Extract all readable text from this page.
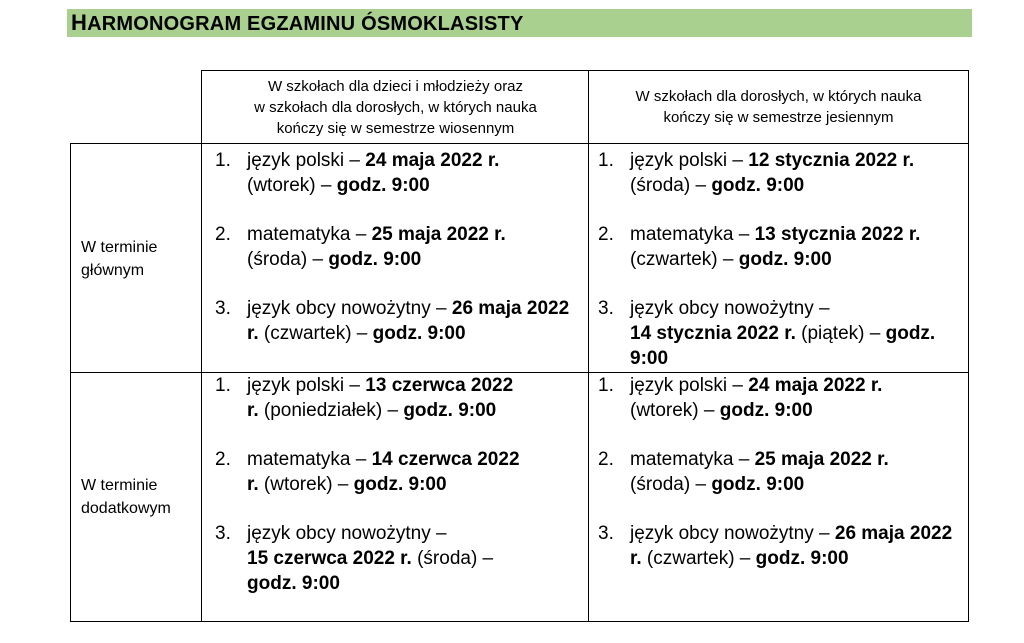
HARMONOGRAM EGZAMINU ÓSMOKLASISTY
W szkołach dla dzieci i młodzieży oraz
w szkołach dla dorosłych, w których nauka
kończy się w semestrze wiosennym
W szkołach dla dorosłych, w których nauka
kończy się w semestrze jesiennym
W terminie
głównym
1. język polski – 24 maja 2022 r.
(wtorek) – godz. 9:00
2. matematyka – 25 maja 2022 r.
(środa) – godz. 9:00
3. język obcy nowożytny – 26 maja 2022 r. (czwartek) – godz. 9:00
1. język polski – 12 stycznia 2022 r. (środa) – godz. 9:00
2. matematyka – 13 stycznia 2022 r. (czwartek) – godz. 9:00
3. język obcy nowożytny –
14 stycznia 2022 r. (piątek) – godz. 9:00
W terminie
dodatkowym
1. język polski – 13 czerwca 2022 r. (poniedziałek) – godz. 9:00
2. matematyka – 14 czerwca 2022 r. (wtorek) – godz. 9:00
3. język obcy nowożytny –
15 czerwca 2022 r. (środa) – godz. 9:00
1. język polski – 24 maja 2022 r.
(wtorek) – godz. 9:00
2. matematyka – 25 maja 2022 r.
(środa) – godz. 9:00
3. język obcy nowożytny – 26 maja 2022 r. (czwartek) – godz. 9:00
